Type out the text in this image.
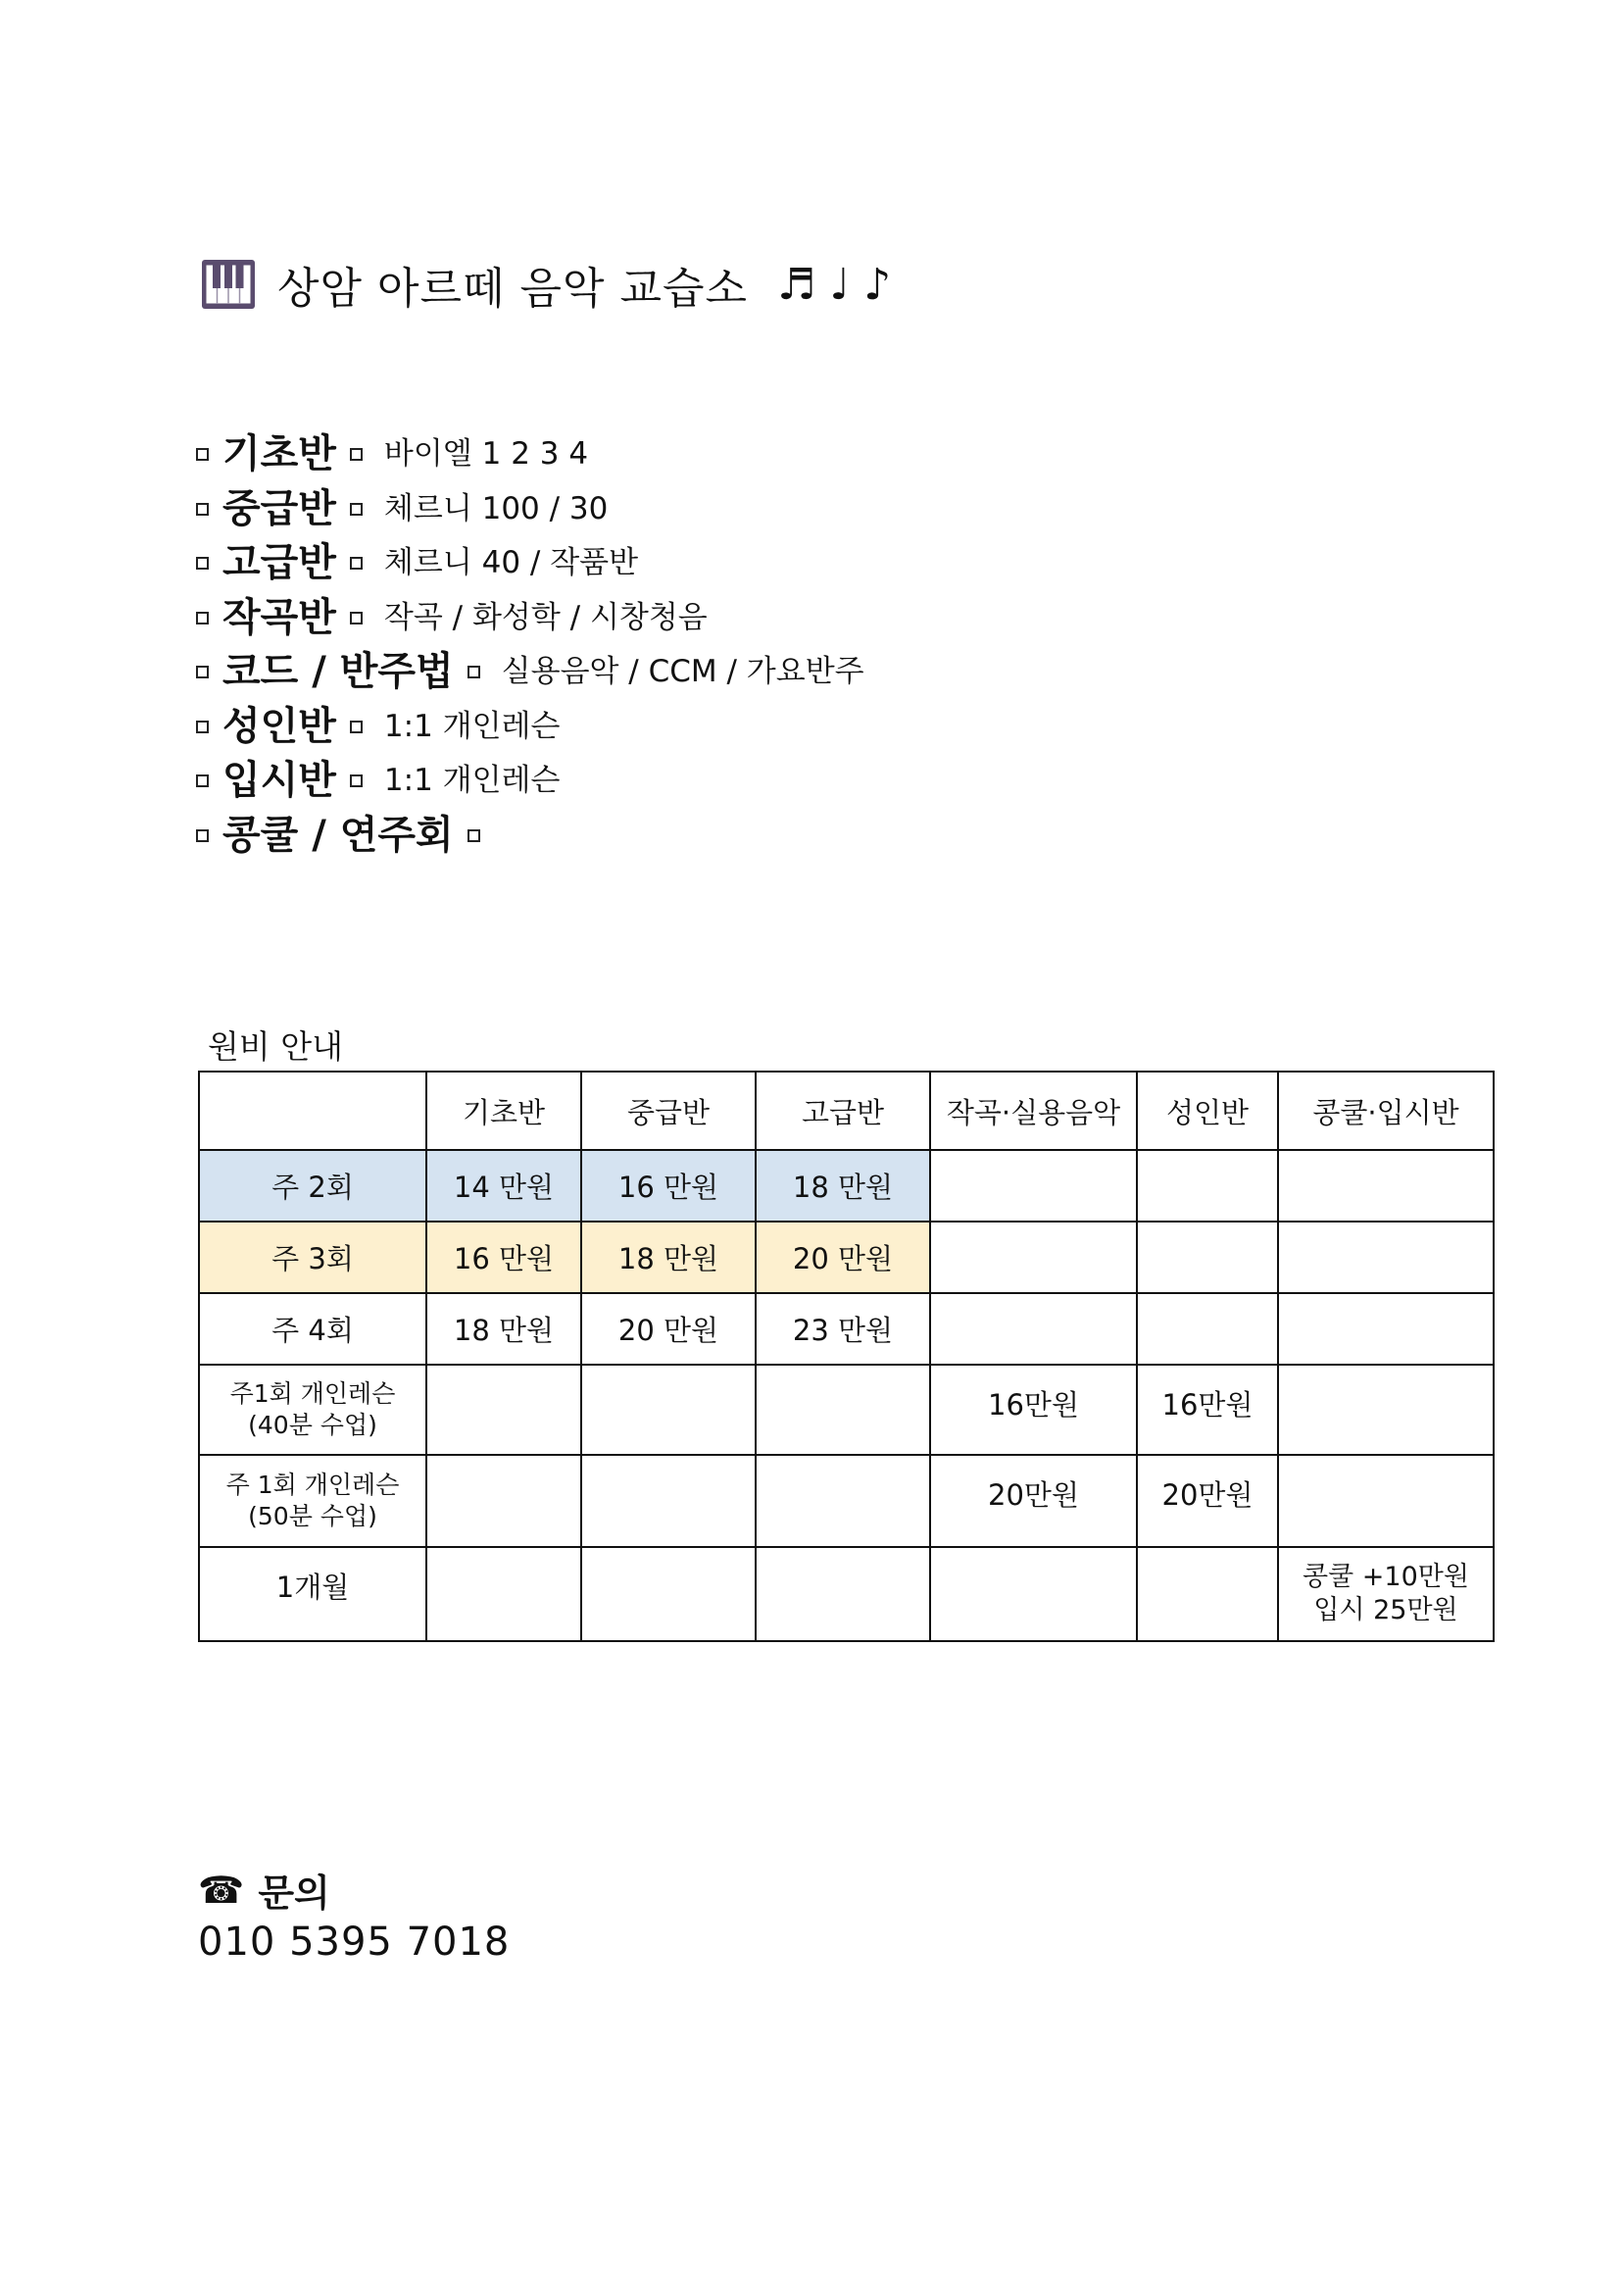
상암 아르떼 음악 교습소 ♬ ♩ ♪
기초반 바이엘 1 2 3 4
중급반 체르니 100 / 30
고급반 체르니 40 / 작품반
작곡반 작곡 / 화성학 / 시창청음
코드 / 반주법 실용음악 / CCM / 가요반주
성인반 1:1 개인레슨
입시반 1:1 개인레슨
콩쿨 / 연주회
원비 안내
	기초반	중급반	고급반	작곡·실용음악	성인반	콩쿨·입시반
주 2회	14 만원	16 만원	18 만원			
주 3회	16 만원	18 만원	20 만원			
주 4회	18 만원	20 만원	23 만원			

주1회 개인레슨
(40분 수업)				16만원	16만원	

주 1회 개인레슨
(50분 수업)				20만원	20만원	
1개월						콩쿨 +10만원
입시 25만원
☎ 문의
010 5395 7018
